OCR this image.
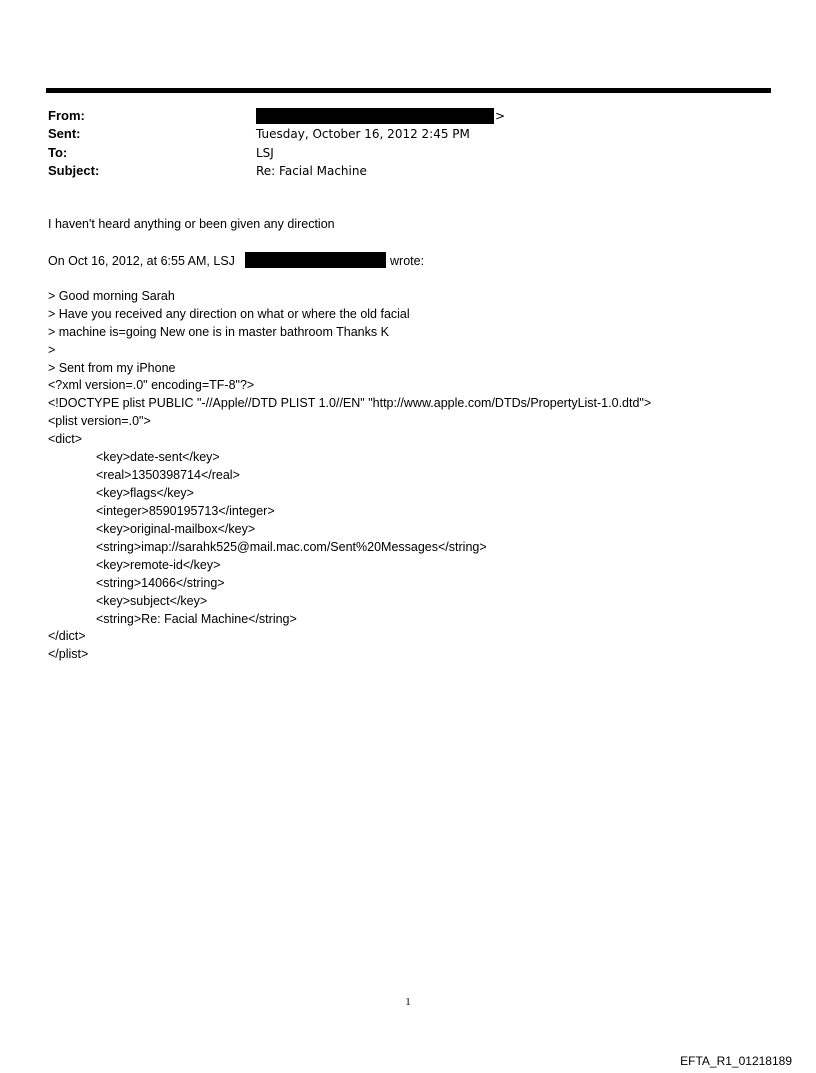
From:	>
Sent:	Tuesday, October 16, 2012 2:45 PM
To:	LSJ
Subject:	Re: Facial Machine
I haven't heard anything or been given any direction
On Oct 16, 2012, at 6:55 AM, LSJ	wrote:
> Good morning Sarah
> Have you received any direction on what or where the old facial
> machine is=going New one is in master bathroom Thanks K
>
> Sent from my iPhone
<?xml version=.0" encoding=TF-8"?>
<!DOCTYPE plist PUBLIC "-//Apple//DTD PLIST 1.0//EN" "http://www.apple.com/DTDs/PropertyList-1.0.dtd">
<plist version=.0">
<dict>
<key>date-sent</key>
<real>1350398714</real>
<key>flags</key>
<integer>8590195713</integer>
<key>original-mailbox</key>
<string>imap://sarahk525@mail.mac.com/Sent%20Messages</string>
<key>remote-id</key>
<string>14066</string>
<key>subject</key>
<string>Re: Facial Machine</string>
</dict>
</plist>
1
EFTA_R1_01218189
